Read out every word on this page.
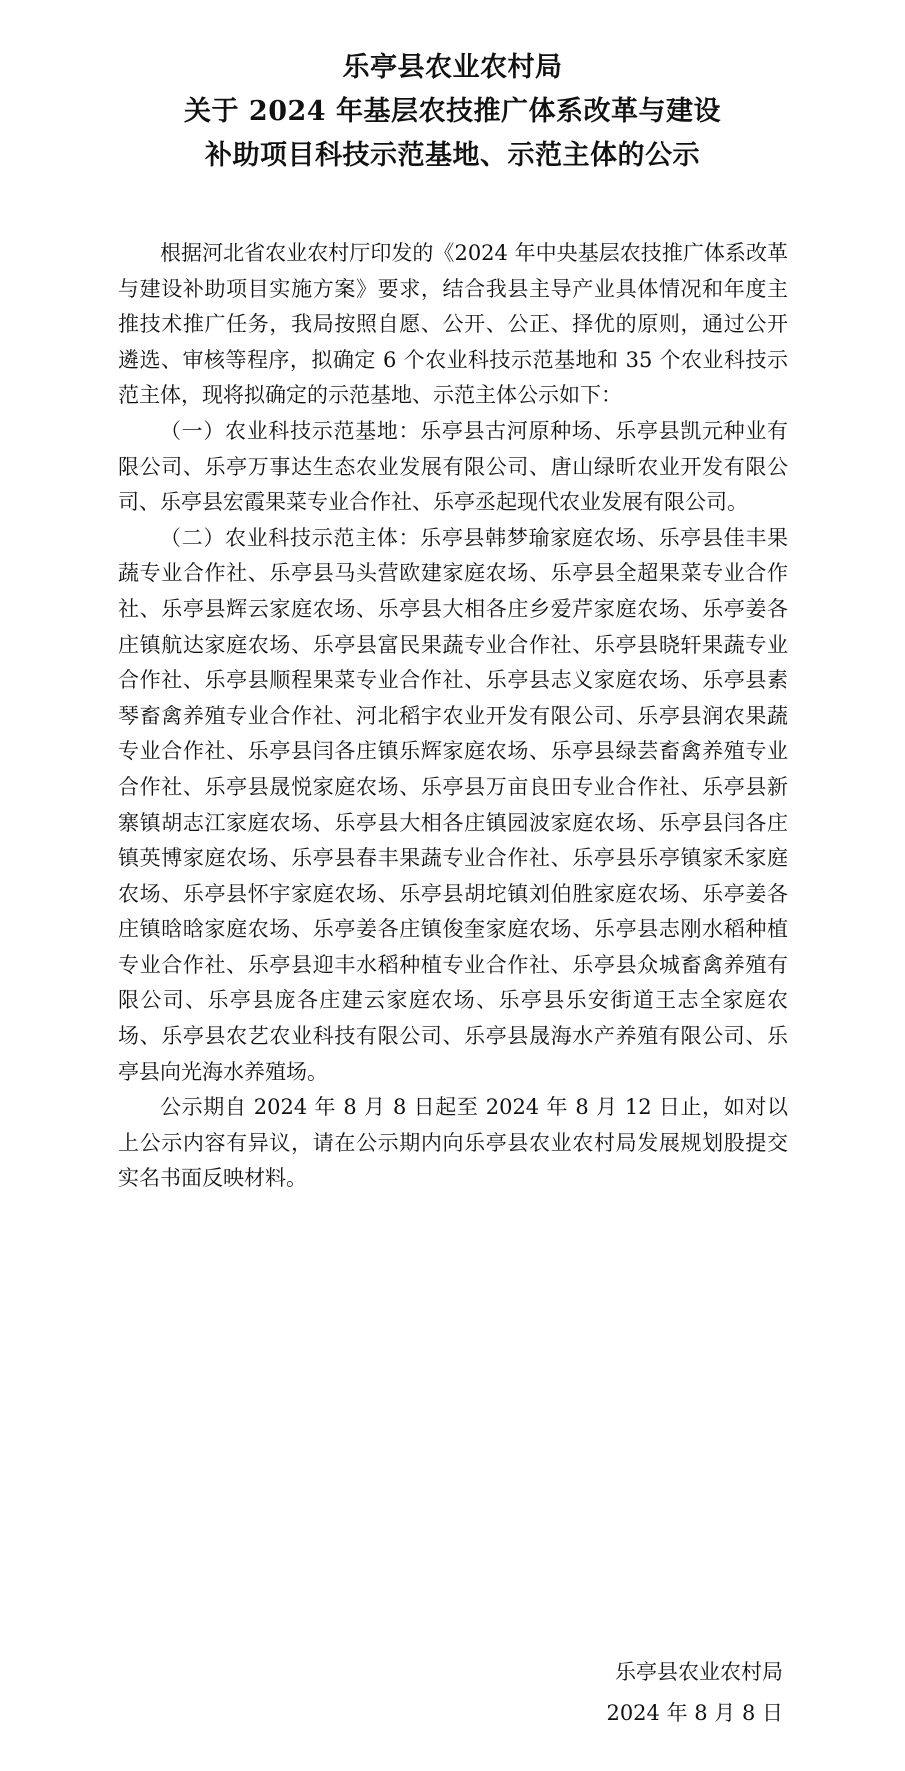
乐亭县农业农村局
关于 2024 年基层农技推广体系改革与建设
补助项目科技示范基地、示范主体的公示

根据河北省农业农村厅印发的《2024 年中央基层农技推广体系改革与建设补助项目实施方案》要求，结合我县主导产业具体情况和年度主推技术推广任务，我局按照自愿、公开、公正、择优的原则，通过公开遴选、审核等程序，拟确定 6 个农业科技示范基地和 35 个农业科技示范主体，现将拟确定的示范基地、示范主体公示如下：

（一）农业科技示范基地：乐亭县古河原种场、乐亭县凯元种业有限公司、乐亭万事达生态农业发展有限公司、唐山绿昕农业开发有限公司、乐亭县宏霞果菜专业合作社、乐亭丞起现代农业发展有限公司。

（二）农业科技示范主体：乐亭县韩梦瑜家庭农场、乐亭县佳丰果蔬专业合作社、乐亭县马头营欧建家庭农场、乐亭县全超果菜专业合作社、乐亭县辉云家庭农场、乐亭县大相各庄乡爱芹家庭农场、乐亭姜各庄镇航达家庭农场、乐亭县富民果蔬专业合作社、乐亭县晓轩果蔬专业合作社、乐亭县顺程果菜专业合作社、乐亭县志义家庭农场、乐亭县素琴畜禽养殖专业合作社、河北稻宇农业开发有限公司、乐亭县润农果蔬专业合作社、乐亭县闫各庄镇乐辉家庭农场、乐亭县绿芸畜禽养殖专业合作社、乐亭县晟悦家庭农场、乐亭县万亩良田专业合作社、乐亭县新寨镇胡志江家庭农场、乐亭县大相各庄镇园波家庭农场、乐亭县闫各庄镇英博家庭农场、乐亭县春丰果蔬专业合作社、乐亭县乐亭镇家禾家庭农场、乐亭县怀宇家庭农场、乐亭县胡坨镇刘伯胜家庭农场、乐亭姜各庄镇晗晗家庭农场、乐亭姜各庄镇俊奎家庭农场、乐亭县志刚水稻种植专业合作社、乐亭县迎丰水稻种植专业合作社、乐亭县众城畜禽养殖有限公司、乐亭县庞各庄建云家庭农场、乐亭县乐安街道王志全家庭农场、乐亭县农艺农业科技有限公司、乐亭县晟海水产养殖有限公司、乐亭县向光海水养殖场。

公示期自 2024 年 8 月 8 日起至 2024 年 8 月 12 日止，如对以上公示内容有异议，请在公示期内向乐亭县农业农村局发展规划股提交实名书面反映材料。

乐亭县农业农村局
2024 年 8 月 8 日
